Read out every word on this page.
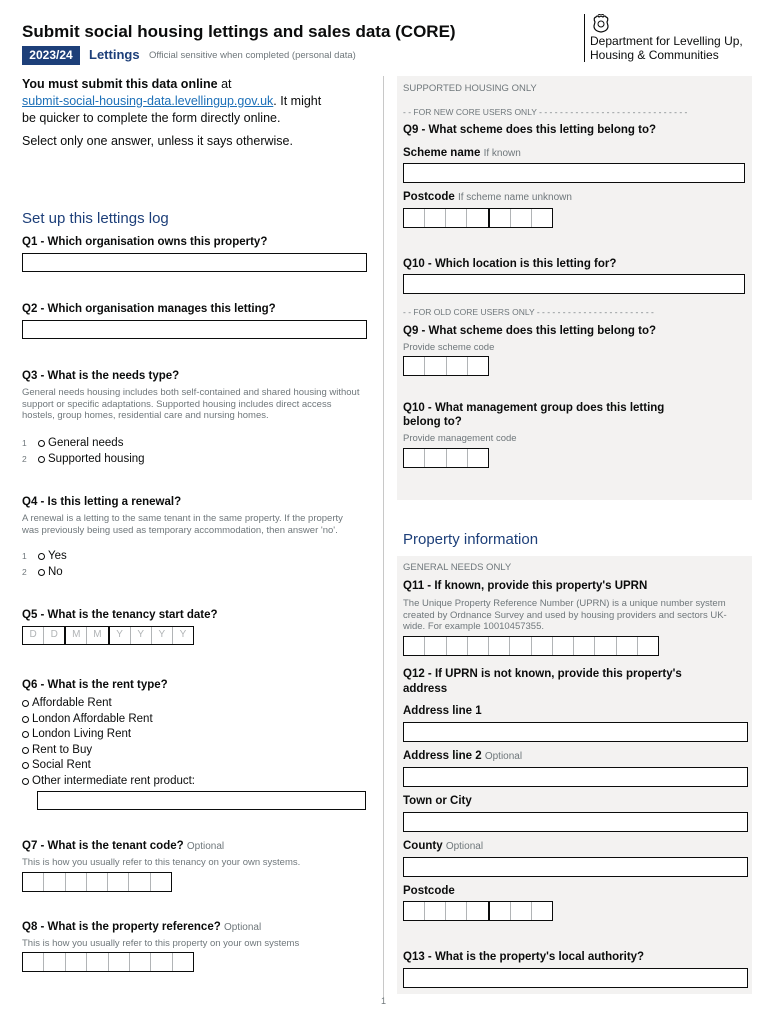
Submit social housing lettings and sales data (CORE)
2023/24	Lettings Official sensitive when completed (personal data)
Department for Levelling Up,
Housing & Communities
You must submit this data online at
submit-social-housing-data.levellingup.gov.uk. It might
be quicker to complete the form directly online.
Select only one answer, unless it says otherwise.
Set up this lettings log
Q1 - Which organisation owns this property?
Q2 - Which organisation manages this letting?
Q3 - What is the needs type?
General needs housing includes both self-contained and shared housing without support or specific adaptations. Supported housing includes direct access hostels, group homes, residential care and nursing homes.
1	General needs
2	Supported housing
Q4 - Is this letting a renewal?
A renewal is a letting to the same tenant in the same property. If the property was previously being used as temporary accommodation, then answer 'no'.
1	Yes
2	No
Q5 - What is the tenancy start date?
D	D	M	M	Y	Y	Y	Y
Q6 - What is the rent type?
Affordable Rent
London Affordable Rent
London Living Rent
Rent to Buy
Social Rent
Other intermediate rent product:
Q7 - What is the tenant code? Optional
This is how you usually refer to this tenancy on your own systems.
Q8 - What is the property reference? Optional
This is how you usually refer to this property on your own systems
SUPPORTED HOUSING ONLY
- - FOR NEW CORE USERS ONLY - - - - - - - - - - - - - - - - - - - - - - - - - - - - -
Q9 - What scheme does this letting belong to?
Scheme name If known
Postcode If scheme name unknown
Q10 - Which location is this letting for?
- - FOR OLD CORE USERS ONLY - - - - - - - - - - - - - - - - - - - - - - -
Q9 - What scheme does this letting belong to?
Provide scheme code
Q10 - What management group does this letting
belong to?
Provide management code
Property information
GENERAL NEEDS ONLY
Q11 - If known, provide this property's UPRN
The Unique Property Reference Number (UPRN) is a unique number system created by Ordnance Survey and used by housing providers and sectors UK-wide. For example 10010457355.
Q12 - If UPRN is not known, provide this property's
address
Address line 1
Address line 2 Optional
Town or City
County Optional
Postcode
Q13 - What is the property's local authority?
1
